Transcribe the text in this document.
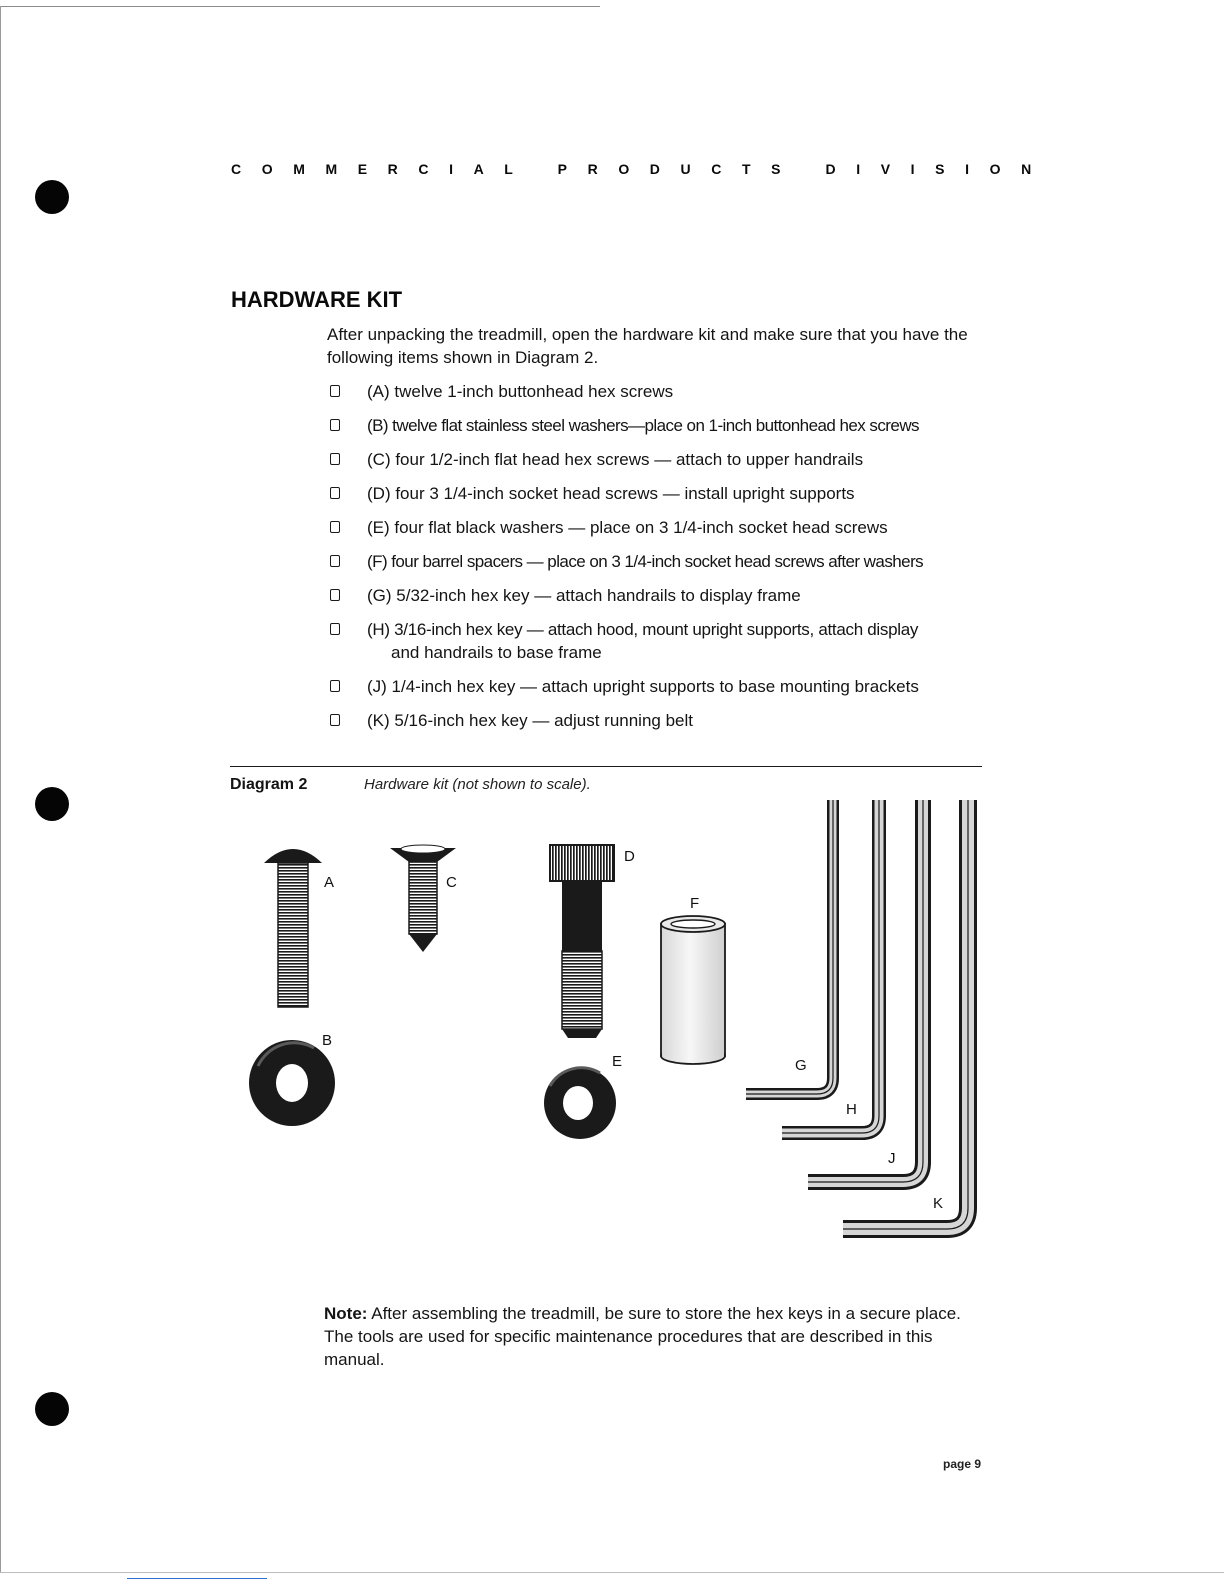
COMMERCIAL PRODUCTS DIVISION
HARDWARE KIT

After unpacking the treadmill, open the hardware kit and make sure that you have the following items shown in Diagram 2.

(A) twelve 1-inch buttonhead hex screws
(B) twelve flat stainless steel washers—place on 1-inch buttonhead hex screws
(C) four 1/2-inch flat head hex screws — attach to upper handrails
(D) four 3 1/4-inch socket head screws — install upright supports
(E) four flat black washers — place on 3 1/4-inch socket head screws
(F) four barrel spacers — place on 3 1/4-inch socket head screws after washers
(G) 5/32-inch hex key — attach handrails to display frame
(H) 3/16-inch hex key — attach hood, mount upright supports, attach display
and handrails to base frame
(J) 1/4-inch hex key — attach upright supports to base mounting brackets
(K) 5/16-inch hex key — adjust running belt
Diagram 2	Hardware kit (not shown to scale).
A
B
C
D
E
F
G
H
J
K

Note: After assembling the treadmill, be sure to store the hex keys in a secure place. The tools are used for specific maintenance procedures that are described in this manual.

page 9
